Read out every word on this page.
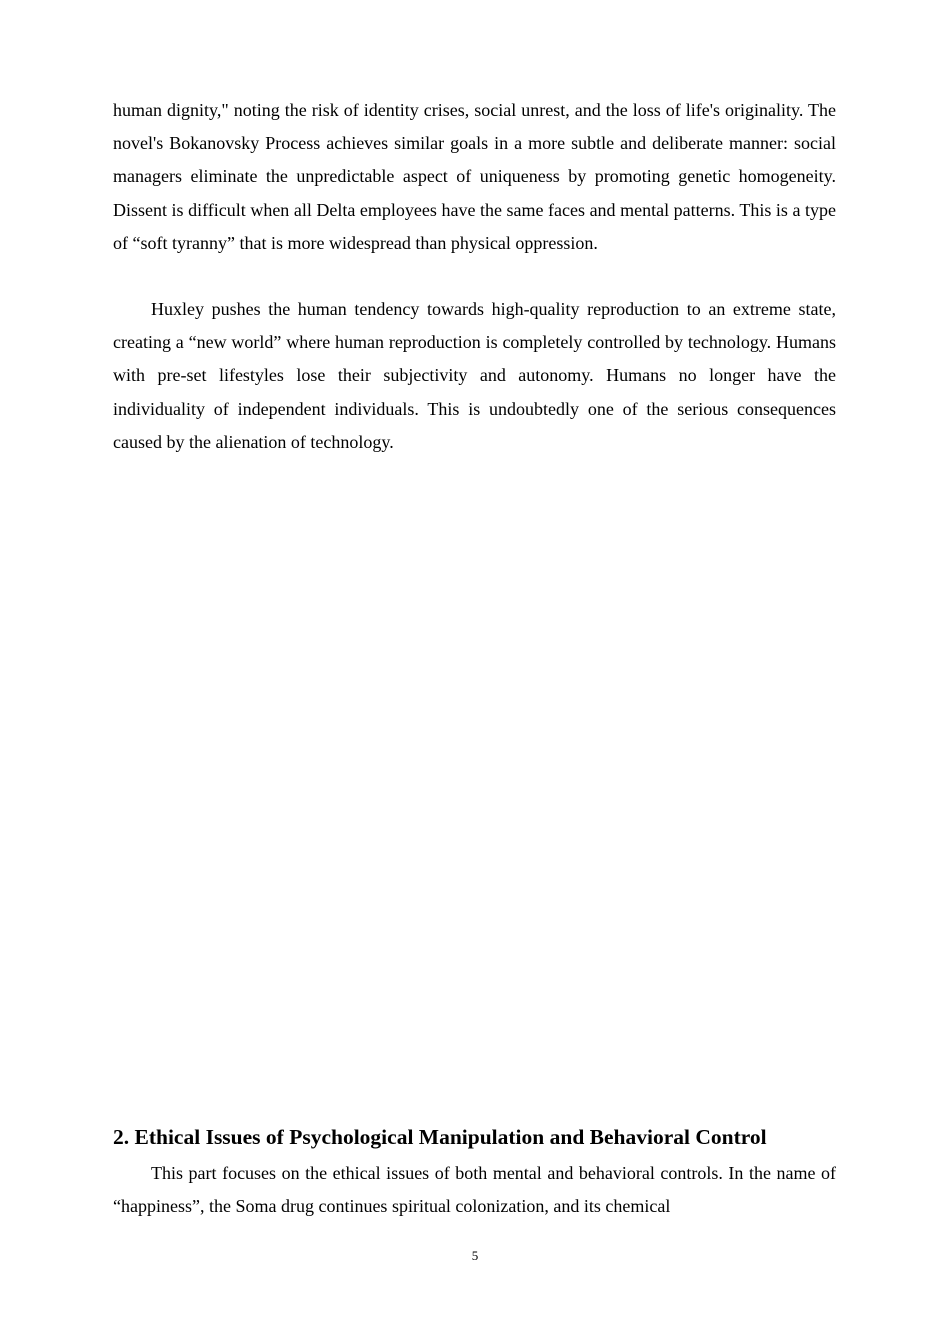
human dignity," noting the risk of identity crises, social unrest, and the loss of life's originality. The novel's Bokanovsky Process achieves similar goals in a more subtle and deliberate manner: social managers eliminate the unpredictable aspect of uniqueness by promoting genetic homogeneity. Dissent is difficult when all Delta employees have the same faces and mental patterns. This is a type of “soft tyranny” that is more widespread than physical oppression.

Huxley pushes the human tendency towards high-quality reproduction to an extreme state, creating a “new world” where human reproduction is completely controlled by technology. Humans with pre-set lifestyles lose their subjectivity and autonomy. Humans no longer have the individuality of independent individuals. This is undoubtedly one of the serious consequences caused by the alienation of technology.

2. Ethical Issues of Psychological Manipulation and Behavioral Control

This part focuses on the ethical issues of both mental and behavioral controls. In the name of “happiness”, the Soma drug continues spiritual colonization, and its chemical

5
